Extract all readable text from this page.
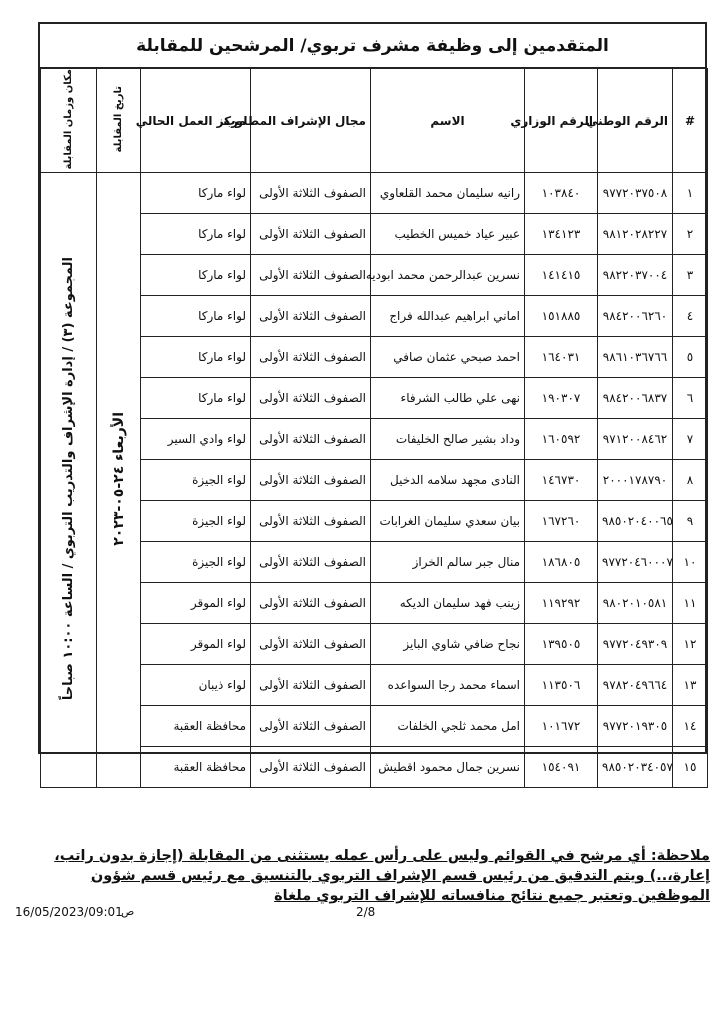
المتقدمين إلى وظيفة مشرف تربوي/ المرشحين للمقابلة
#	الرقم الوطني	الرقم الوزاري	الاسم	مجال الإشراف المطلوب	مركز العمل الحالي	تاريخ المقابلة	مكان وزمان المقابلة
١	٩٧٧٢٠٣٧٥٠٨	١٠٣٨٤٠	رانيه سليمان محمد القلعاوي	الصفوف الثلاثة الأولى	لواء ماركا	الأربعاء ٢٤-٠٥-٢٠٢٣	المجموعة (٣) / إدارة الإشراف والتدريب التربوي / الساعة ١٠:٠٠ صباحاً
٢	٩٨١٢٠٢٨٢٢٧	١٣٤١٢٣	عبير عياد خميس الخطيب	الصفوف الثلاثة الأولى	لواء ماركا		
٣	٩٨٢٢٠٣٧٠٠٤	١٤١٤١٥	نسرين عبدالرحمن محمد ابوديه	الصفوف الثلاثة الأولى	لواء ماركا		
٤	٩٨٤٢٠٠٦٢٦٠	١٥١٨٨٥	اماني ابراهيم عبدالله فراج	الصفوف الثلاثة الأولى	لواء ماركا		
٥	٩٨٦١٠٣٦٧٦٦	١٦٤٠٣١	احمد صبحي عثمان صافي	الصفوف الثلاثة الأولى	لواء ماركا		
٦	٩٨٤٢٠٠٦٨٣٧	١٩٠٣٠٧	نهى علي طالب الشرفاء	الصفوف الثلاثة الأولى	لواء ماركا		
٧	٩٧١٢٠٠٨٤٦٢	١٦٠٥٩٢	وداد بشير صالح الخليفات	الصفوف الثلاثة الأولى	لواء وادي السير		
٨	٢٠٠٠١٧٨٧٩٠	١٤٦٧٣٠	النادى مجهد سلامه الدخيل	الصفوف الثلاثة الأولى	لواء الجيزة		
٩	٩٨٥٠٢٠٤٠٠٦٥	١٦٧٢٦٠	بيان سعدي سليمان الغرابات	الصفوف الثلاثة الأولى	لواء الجيزة		
١٠	٩٧٧٢٠٤٦٠٠٠٧	١٨٦٨٠٥	منال جبر سالم الخراز	الصفوف الثلاثة الأولى	لواء الجيزة		
١١	٩٨٠٢٠١٠٥٨١	١١٩٢٩٢	زينب فهد سليمان الديكه	الصفوف الثلاثة الأولى	لواء الموقر		
١٢	٩٧٧٢٠٤٩٣٠٩	١٣٩٥٠٥	نجاح ضافي شاوي البايز	الصفوف الثلاثة الأولى	لواء الموقر		
١٣	٩٧٨٢٠٤٩٦٦٤	١١٣٥٠٦	اسماء محمد رجا السواعده	الصفوف الثلاثة الأولى	لواء ذيبان		
١٤	٩٧٧٢٠١٩٣٠٥	١٠١٦٧٢	امل محمد ثلجي الخلفات	الصفوف الثلاثة الأولى	محافظة العقبة		
١٥	٩٨٥٠٢٠٣٤٠٥٧	١٥٤٠٩١	نسرين جمال محمود اقطيش	الصفوف الثلاثة الأولى	محافظة العقبة		
ملاحظة: أي مرشح في القوائم وليس على رأس عمله يستثنى من المقابلة (إجازة بدون راتب، إعارة،..) ويتم التدقيق من رئيس قسم الإشراف التربوي بالتنسيق مع رئيس قسم شؤون الموظفين وتعتبر جميع نتائج منافساته للإشراف التربوي ملغاة
16/05/2023/09:01
ص	2/8
